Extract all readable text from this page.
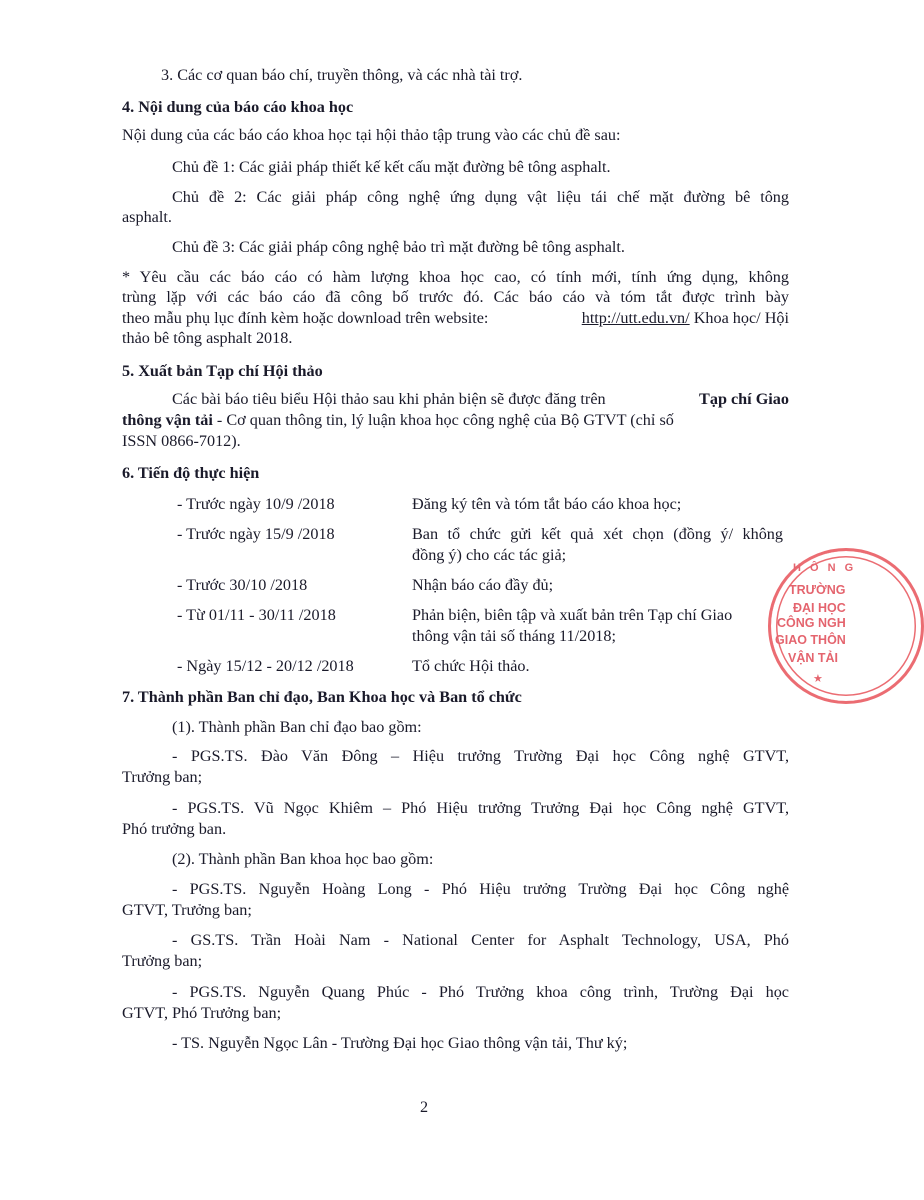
3. Các cơ quan báo chí, truyền thông, và các nhà tài trợ.
4. Nội dung của báo cáo khoa học
Nội dung của các báo cáo khoa học tại hội thảo tập trung vào các chủ đề sau:
Chủ đề 1: Các giải pháp thiết kế kết cấu mặt đường bê tông asphalt.
Chủ đề 2: Các giải pháp công nghệ ứng dụng vật liệu tái chế mặt đường bê tông
asphalt.
Chủ đề 3: Các giải pháp công nghệ bảo trì mặt đường bê tông asphalt.
* Yêu cầu các báo cáo có hàm lượng khoa học cao, có tính mới, tính ứng dụng, không
trùng lặp với các báo cáo đã công bố trước đó. Các báo cáo và tóm tắt được trình bày
theo mẫu phụ lục đính kèm hoặc download trên website:	http://utt.edu.vn/ Khoa học/ Hội
thảo bê tông asphalt 2018.
5. Xuất bản Tạp chí Hội thảo
Các bài báo tiêu biểu Hội thảo sau khi phản biện sẽ được đăng trên	Tạp chí Giao
thông vận tải - Cơ quan thông tin, lý luận khoa học công nghệ của Bộ GTVT (chỉ số
ISSN 0866-7012).
6. Tiến độ thực hiện
- Trước ngày 10/9 /2018	Đăng ký tên và tóm tắt báo cáo khoa học;
- Trước ngày 15/9 /2018	Ban tổ chức gửi kết quả xét chọn (đồng ý/ không
đồng ý) cho các tác giả;
- Trước 30/10 /2018	Nhận báo cáo đầy đủ;
- Từ 01/11 - 30/11 /2018	Phản biện, biên tập và xuất bản trên Tạp chí Giao
thông vận tải số tháng 11/2018;
- Ngày 15/12 - 20/12 /2018	Tổ chức Hội thảo.
7. Thành phần Ban chỉ đạo, Ban Khoa học và Ban tổ chức
(1). Thành phần Ban chỉ đạo bao gồm:
- PGS.TS. Đào Văn Đông – Hiệu trưởng Trường Đại học Công nghệ GTVT,
Trưởng ban;
- PGS.TS. Vũ Ngọc Khiêm – Phó Hiệu trưởng Trưởng Đại học Công nghệ GTVT,
Phó trưởng ban.
(2). Thành phần Ban khoa học bao gồm:
- PGS.TS. Nguyễn Hoàng Long - Phó Hiệu trưởng Trường Đại học Công nghệ
GTVT, Trưởng ban;
- GS.TS. Trần Hoài Nam - National Center for Asphalt Technology, USA, Phó
Trưởng ban;
- PGS.TS. Nguyễn Quang Phúc - Phó Trưởng khoa công trình, Trường Đại học
GTVT, Phó Trưởng ban;
- TS. Nguyễn Ngọc Lân - Trường Đại học Giao thông vận tải, Thư ký;
2
H Ô N G
TRƯỜNG
ĐẠI HỌC
CÔNG NGH
GIAO THÔN
VẬN TẢI
★
